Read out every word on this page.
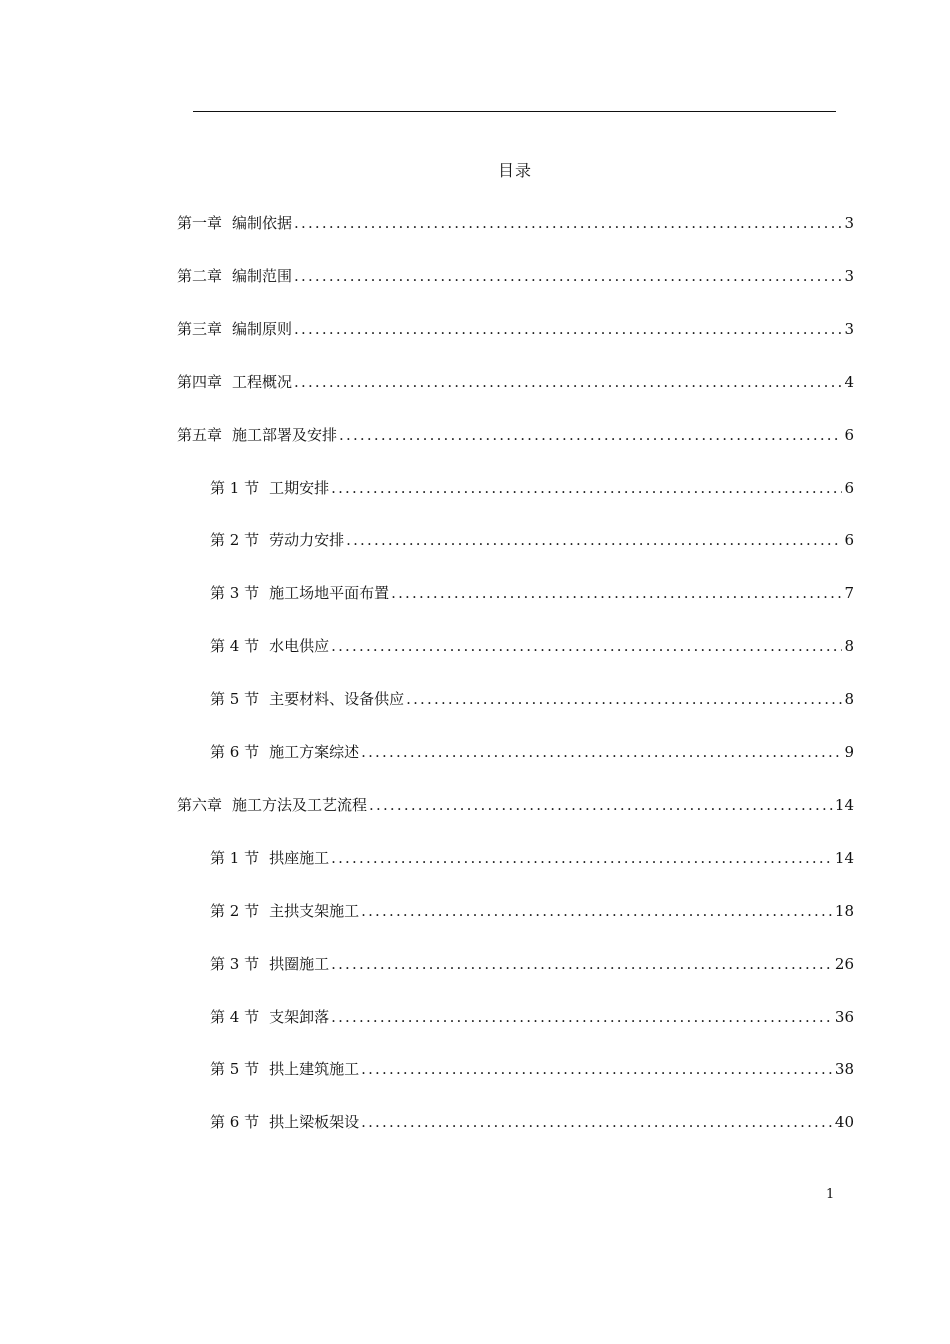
目录
第一章 编制依据 .....	3
第二章 编制范围 .....	3
第三章 编制原则 .....	3
第四章 工程概况 .....	4
第五章 施工部署及安排 .....	6
第 1 节 工期安排 .....	6
第 2 节 劳动力安排 .....	6
第 3 节 施工场地平面布置 .....	7
第 4 节 水电供应 .....	8
第 5 节 主要材料、设备供应 .....	8
第 6 节 施工方案综述 .....	9
第六章 施工方法及工艺流程 .....	14
第 1 节 拱座施工 .....	14
第 2 节 主拱支架施工 .....	18
第 3 节 拱圈施工 .....	26
第 4 节 支架卸落 .....	36
第 5 节 拱上建筑施工 .....	38
第 6 节 拱上梁板架设 .....	40
1
